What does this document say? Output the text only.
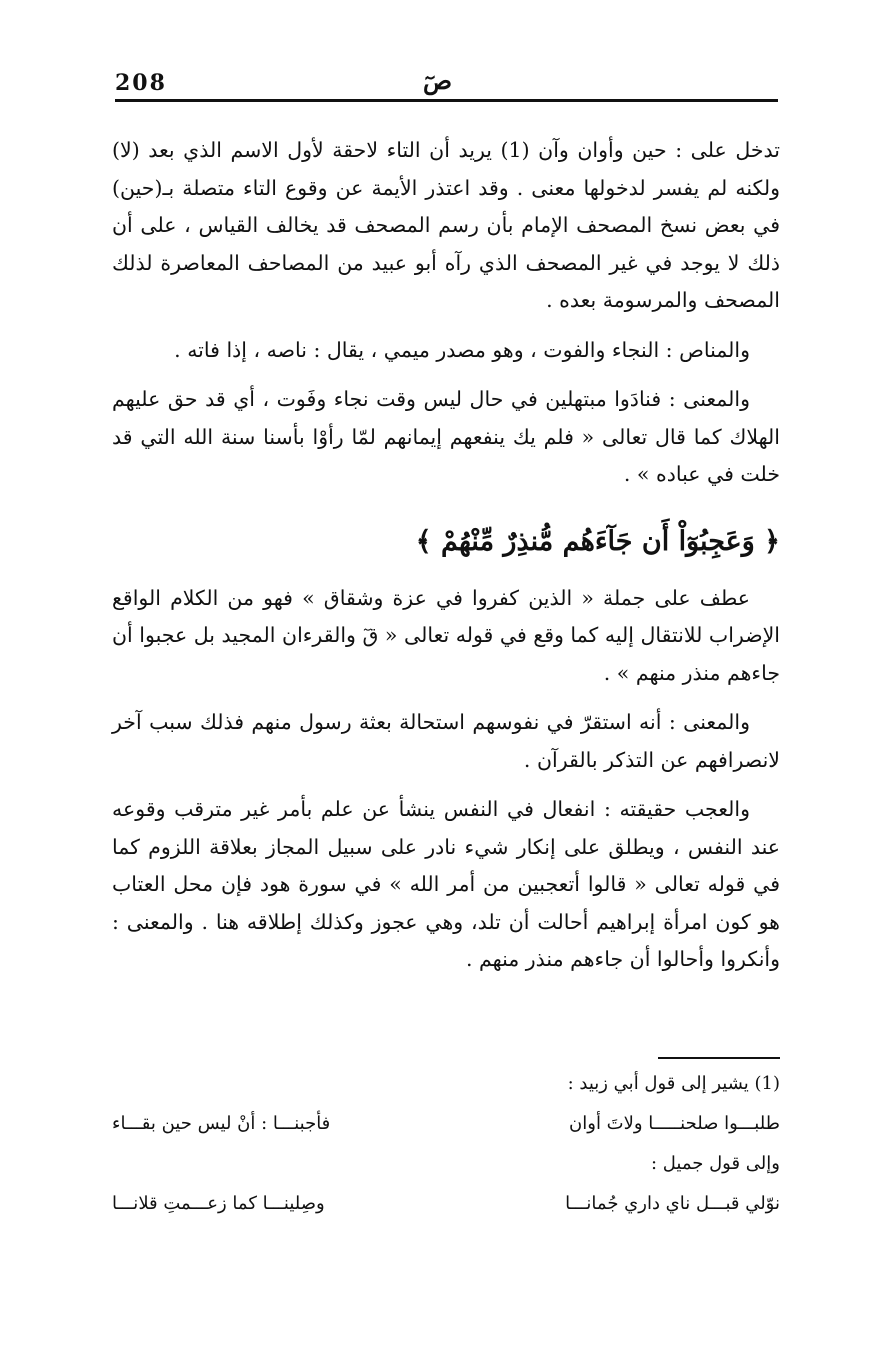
208	صٓ

تدخل على : حين وأوان وآن (1) يريد أن التاء لاحقة لأول الاسم الذي بعد (لا) ولكنه لم يفسر لدخولها معنى . وقد اعتذر الأيمة عن وقوع التاء متصلة بـ(حين) في بعض نسخ المصحف الإمام بأن رسم المصحف قد يخالف القياس ، على أن ذلك لا يوجد في غير المصحف الذي رآه أبو عبيد من المصاحف المعاصرة لذلك المصحف والمرسومة بعده .

والمناص : النجاء والفوت ، وهو مصدر ميمي ، يقال : ناصه ، إذا فاته .

والمعنى : فنادَوا مبتهلين في حال ليس وقت نجاء وفَوت ، أي قد حق عليهم الهلاك كما قال تعالى « فلم يك ينفعهم إيمانهم لمّا رأوْا بأسنا سنة الله التي قد خلت في عباده » .

﴿ وَعَجِبُوٓاْ أَن جَآءَهُم مُّنذِرٌ مِّنْهُمْ ﴾

عطف على جملة « الذين كفروا في عزة وشقاق » فهو من الكلام الواقع الإضراب للانتقال إليه كما وقع في قوله تعالى « قٓ والقرءان المجيد بل عجبوا أن جاءهم منذر منهم » .

والمعنى : أنه استقرّ في نفوسهم استحالة بعثة رسول منهم فذلك سبب آخر لانصرافهم عن التذكر بالقرآن .

والعجب حقيقته : انفعال في النفس ينشأ عن علم بأمر غير مترقب وقوعه عند النفس ، ويطلق على إنكار شيء نادر على سبيل المجاز بعلاقة اللزوم كما في قوله تعالى « قالوا أتعجبين من أمر الله » في سورة هود فإن محل العتاب هو كون امرأة إبراهيم أحالت أن تلد، وهي عجوز وكذلك إطلاقه هنا . والمعنى : وأنكروا وأحالوا أن جاءهم منذر منهم .

(1) يشير إلى قول أبي زبيد :

طلبـــوا صلحنـــــا ولاتَ أوان
فأجبنـــا : أنْ ليس حين بقـــاء

وإلى قول جميل :

نوّلي قبـــل ناي داري جُمانـــا
وصِلينـــا كما زعـــمتِ قلانـــا
